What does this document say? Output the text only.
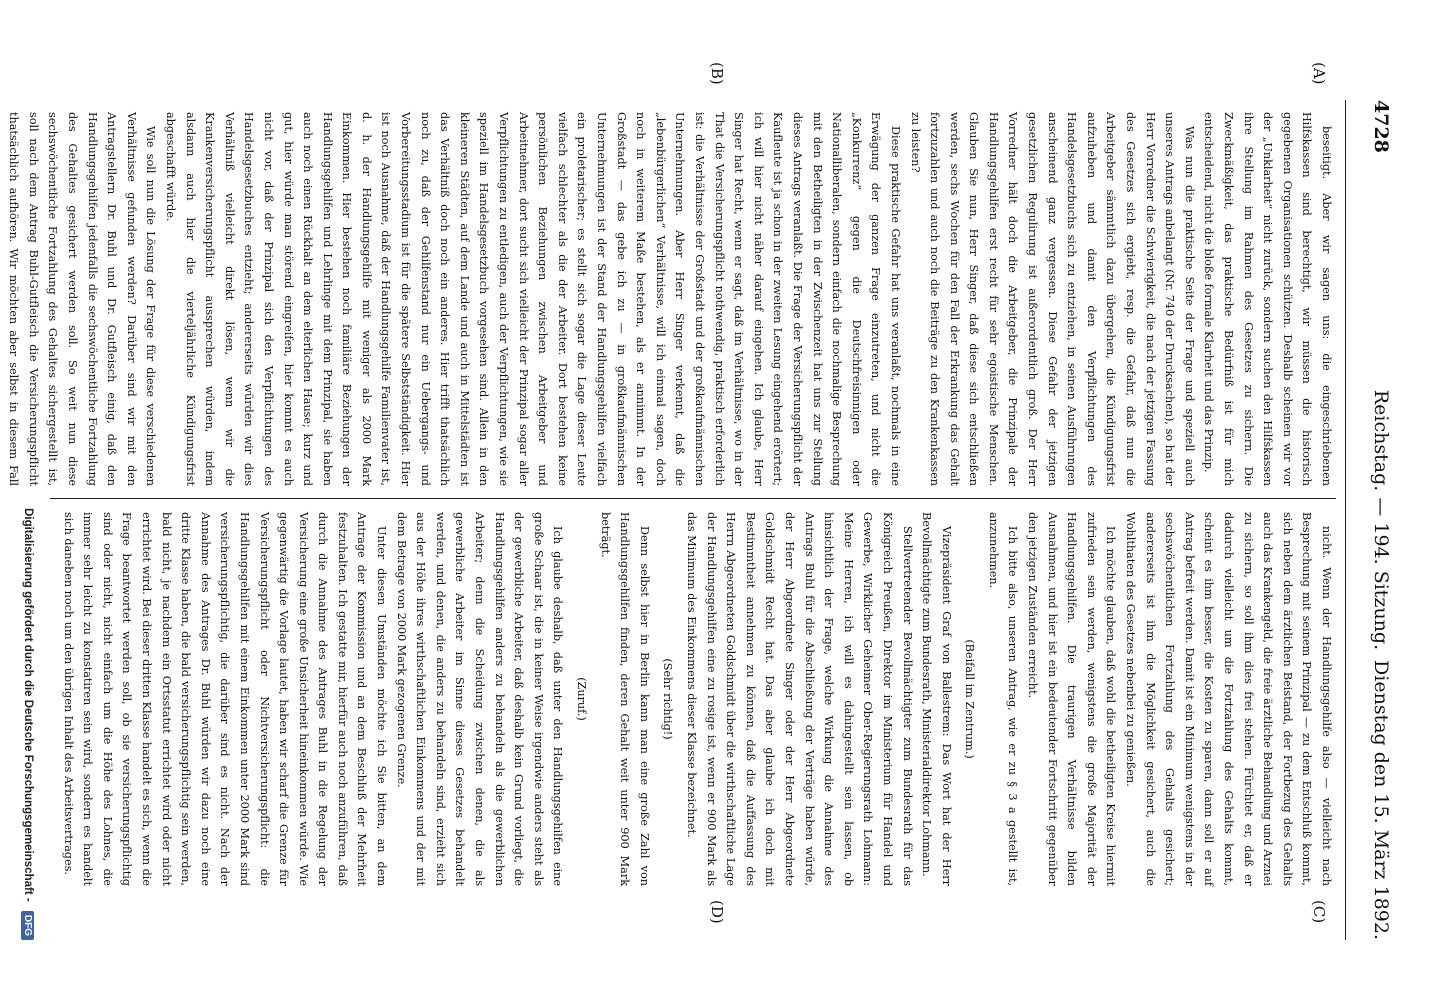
4728
Reichstag. — 194. Sitzung.
Dienstag den 15. März 1892.
(A)
(B)
(C)
(D)

beseitigt. Aber wir sagen uns: die eingeschriebenen Hilfskassen sind berechtigt, wir müssen die historisch gegebenen Organisationen schützen. Deshalb scheinen wir vor der „Unklarheit“ nicht zurück, sondern suchen den Hilfskassen ihre Stellung im Rahmen des Gesetzes zu sichern. Die Zweckmäßigkeit, das praktische Bedürfniß ist für mich entscheidend, nicht die bloße formale Klarheit und das Prinzip.

Was nun die praktische Seite der Frage und speziell auch unseres Antrags anbelangt (Nr. 740 der Drucksachen), so hat der Herr Vorredner die Schwierigkeit, die nach der jetzigen Fassung des Gesetzes sich ergiebt, resp. die Gefahr, daß nun die Arbeitgeber sämmtlich dazu übergehen, die Kündigungsfrist aufzuheben und damit den Verpflichtungen des Handelsgesetzbuchs sich zu entziehen, in seinen Ausführungen anscheinend ganz vergessen. Diese Gefahr der jetzigen gesetzlichen Regulirung ist außerordentlich groß. Der Herr Vorredner hält doch die Arbeitgeber, die Prinzipale der Handlungsgehilfen erst recht für sehr egoistische Menschen. Glauben Sie nun, Herr Singer, daß diese sich entschließen werden, sechs Wochen für den Fall der Erkrankung das Gehalt fortzuzahlen und auch noch die Beiträge zu den Krankenkassen zu leisten?

Diese praktische Gefahr hat uns veranlaßt, nochmals in eine Erwägung der ganzen Frage einzutreten, und nicht die „Konkurrenz“ gegen die Deutschfreisinnigen oder Nationalliberalen, sondern einfach die nochmalige Besprechung mit den Betheiligten in der Zwischenzeit hat uns zur Stellung dieses Antrags veranlaßt. Die Frage der Versicherungspflicht der Kaufleute ist ja schon in der zweiten Lesung eingehend erörtert; ich will hier nicht näher darauf eingehen. Ich glaube, Herr Singer hat Recht, wenn er sagt, daß im Verhältnisse, wo in der That die Versicherungspflicht nothwendig, praktisch erforderlich ist: die Verhältnisse der Großstadt und der großkaufmännischen Unternehmungen. Aber Herr Singer verkennt, daß die „lebenbürgerlichen“ Verhältnisse, will ich einmal sagen, doch noch in weiterem Maße bestehen, als er annimmt. In der Großstadt — das gebe ich zu — in großkaufmännischen Unternehmungen ist der Stand der Handlungsgehilfen vielfach ein proletarischer; es stellt sich sogar die Lage dieser Leute vielfach schlechter als die der Arbeiter. Dort bestehen keine persönlichen Beziehungen zwischen Arbeitgeber und Arbeitnehmer, dort sucht sich vielleicht der Prinzipal sogar aller Verpflichtungen zu entledigen, auch der Verpflichtungen, wie sie speziell im Handelsgesetzbuch vorgesehen sind. Allein in den kleineren Städten, auf dem Lande und auch in Mittelstädten ist das Verhältniß doch noch ein anderes. Hier trifft thatsächlich noch zu, daß der Gehilfenstand nur ein Uebergangs- und Vorbereitungsstadium ist für die spätere Selbstständigkeit. Hier ist noch Ausnahme, daß der Handlungsgehilfe Familienvater ist, d. h. der Handlungsgehilfe mit weniger als 2000 Mark Einkommen. Hier bestehen noch familiäre Beziehungen der Handlungsgehilfen und Lehrlinge mit dem Prinzipal, sie haben auch noch einen Rückhalt an dem elterlichen Hause; kurz und gut, hier würde man störend eingreifen, hier kommt es auch nicht vor, daß der Prinzipal sich den Verpflichtungen des Handelsgesetzbuches entzieht; andererseits würden wir dies Verhältniß vielleicht direkt lösen, wenn wir die Krankenversicherungspflicht aussprechen würden, indem alsdann auch hier die vierteljährliche Kündigungsfrist abgeschafft würde.

Wie soll nun die Lösung der Frage für diese verschiedenen Verhältnisse gefunden werden? Darüber sind wir mit den Antragstellern Dr. Buhl und Dr. Gutfleisch einig, daß den Handlungsgehilfen jedenfalls die sechswöchentliche Fortzahlung des Gehaltes gesichert werden soll. So weit nun diese sechswöchentliche Fortzahlung des Gehaltes sichergestellt ist, soll nach dem Antrag Buhl-Gutfleisch die Versicherungspflicht thatsächlich aufhören. Wir möchten aber selbst in diesem Fall

nicht. Wenn der Handlungsgehilfe also — vielleicht nach Besprechung mit seinem Prinzipal — zu dem Entschluß kommt, sich neben dem ärztlichen Beistand, der Fortbezug des Gehalts auch das Krankengeld, die freie ärztliche Behandlung und Arznei zu sichern, so soll ihm dies frei stehen. Fürchtet er, daß er dadurch vielleicht um die Fortzahlung des Gehalts kommt, scheint es ihm besser, die Kosten zu sparen, dann soll er auf Antrag befreit werden. Damit ist ein Minimum wenigstens in der sechswöchentlichen Fortzahlung des Gehalts gesichert; andererseits ist ihm die Möglichkeit gesichert, auch die Wohlthaten des Gesetzes nebenbei zu genießen.

Ich möchte glauben, daß wohl die betheiligten Kreise hiermit zufrieden sein werden, wenigstens die große Majorität der Handlungsgehilfen. Die traurigen Verhältnisse bilden Ausnahmen, und hier ist ein bedeutender Fortschritt gegenüber den jetzigen Zuständen erreicht.

Ich bitte also, unseren Antrag, wie er zu § 3 a gestellt ist, anzunehmen.

(Beifall im Zentrum.)

Vizepräsident Graf von Ballestrem: Das Wort hat der Herr Bevollmächtigte zum Bundesrath, Ministerialdirektor Lohmann.

Stellvertretender Bevollmächtigter zum Bundesrath für das Königreich Preußen, Direktor im Ministerium für Handel und Gewerbe, Wirklicher Geheimer Ober-Regierungsrath Lohmann: Meine Herren, ich will es dahingestellt sein lassen, ob hinsichtlich der Frage, welche Wirkung die Annahme des Antrags Buhl für die Abschließung der Verträge haben würde, der Herr Abgeordnete Singer oder der Herr Abgeordnete Goldschmidt Recht hat. Das aber glaube ich doch mit Bestimmtheit annehmen zu können, daß die Auffassung des Herrn Abgeordneten Goldschmidt über die wirthschaftliche Lage der Handlungsgehilfen eine zu rosige ist, wenn er 900 Mark als das Minimum des Einkommens dieser Klasse bezeichnet.

(Sehr richtig!)

Denn selbst hier in Berlin kann man eine große Zahl von Handlungsgehilfen finden, deren Gehalt weit unter 900 Mark beträgt.

(Zuruf.)

Ich glaube deshalb, daß unter den Handlungsgehilfen eine große Schaar ist, die in keiner Weise irgendwie anders steht als der gewerbliche Arbeiter, daß deshalb kein Grund vorliegt, die Handlungsgehilfen anders zu behandeln als die gewerblichen Arbeiter; denn die Scheidung zwischen denen, die als gewerbliche Arbeiter im Sinne dieses Gesetzes behandelt werden, und denen, die anders zu behandeln sind, erzieht sich aus der Höhe ihres wirthschaftlichen Einkommens und der mit dem Betrage von 2000 Mark gezogenen Grenze.

Unter diesen Umständen möchte ich Sie bitten, an dem Antrage der Kommission und an dem Beschluß der Mehrheit festzuhalten. Ich gestatte mir, hierfür auch noch anzuführen, daß durch die Annahme des Antrages Buhl in die Regelung der Versicherung eine große Unsicherheit hineinkommen würde. Wie gegenwärtig die Vorlage lautet, haben wir scharf die Grenze für Versicherungspflicht oder Nichtversicherungspflicht: die Handlungsgehilfen mit einem Einkommen unter 2000 Mark sind versicherungspflichtig, die darüber sind es nicht. Nach der Annahme des Antrages Dr. Buhl würden wir dazu noch eine dritte Klasse haben, die bald versicherungspflichtig sein werden, bald nicht, je nachdem ein Ortsstatut errichtet wird oder nicht errichtet wird. Bei dieser dritten Klasse handelt es sich, wenn die Frage beantwortet werden soll, ob sie versicherungspflichtig sind oder nicht, nicht einfach um die Höhe des Lohnes, die immer sehr leicht zu konstatiren sein wird, sondern es handelt sich daneben noch um den übrigen Inhalt des Arbeitsvertrages.

Digitalisierung gefördert durch die Deutsche Forschungsgemeinschaft - DFG
